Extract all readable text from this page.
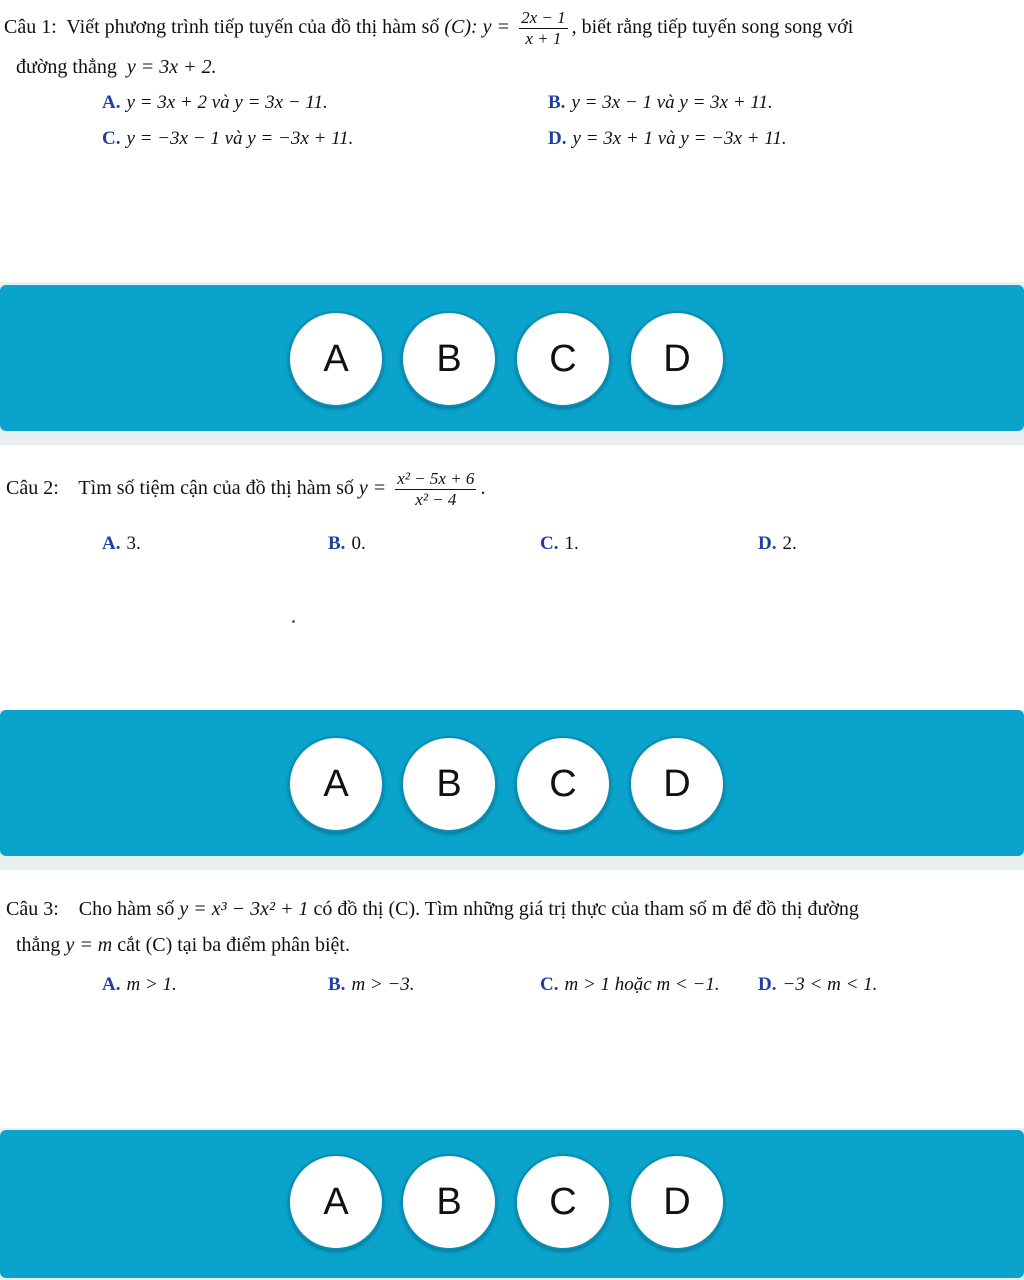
Câu 1: Viết phương trình tiếp tuyến của đồ thị hàm số (C): $y = \frac{2x - 1}{x + 1}$ , biết rằng tiếp tuyến song song với
đường thẳng y = 3x + 2.
A. y = 3x + 2 và y = 3x − 11.	B. y = 3x − 1 và y = 3x + 11.
C. y = −3x − 1 và y = −3x + 11.	D. y = 3x + 1 và y = −3x + 11.
A	B	C	D
Câu 2: Tìm số tiệm cận của đồ thị hàm số $y = \frac{\text{x² − 5x + 6}}{\text{x² − 4}}$ .
A. 3.	B. 0.	C. 1.	D. 2.
A	B	C	D
Câu 3: Cho hàm số y = x³ − 3x² + 1 có đồ thị (C). Tìm những giá trị thực của tham số m để đồ thị đường
thẳng y = m cắt (C) tại ba điểm phân biệt.
A. m > 1.	B. m > −3.	C. m > 1 hoặc m < −1. D. −3 < m < 1.
A	B	C	D
